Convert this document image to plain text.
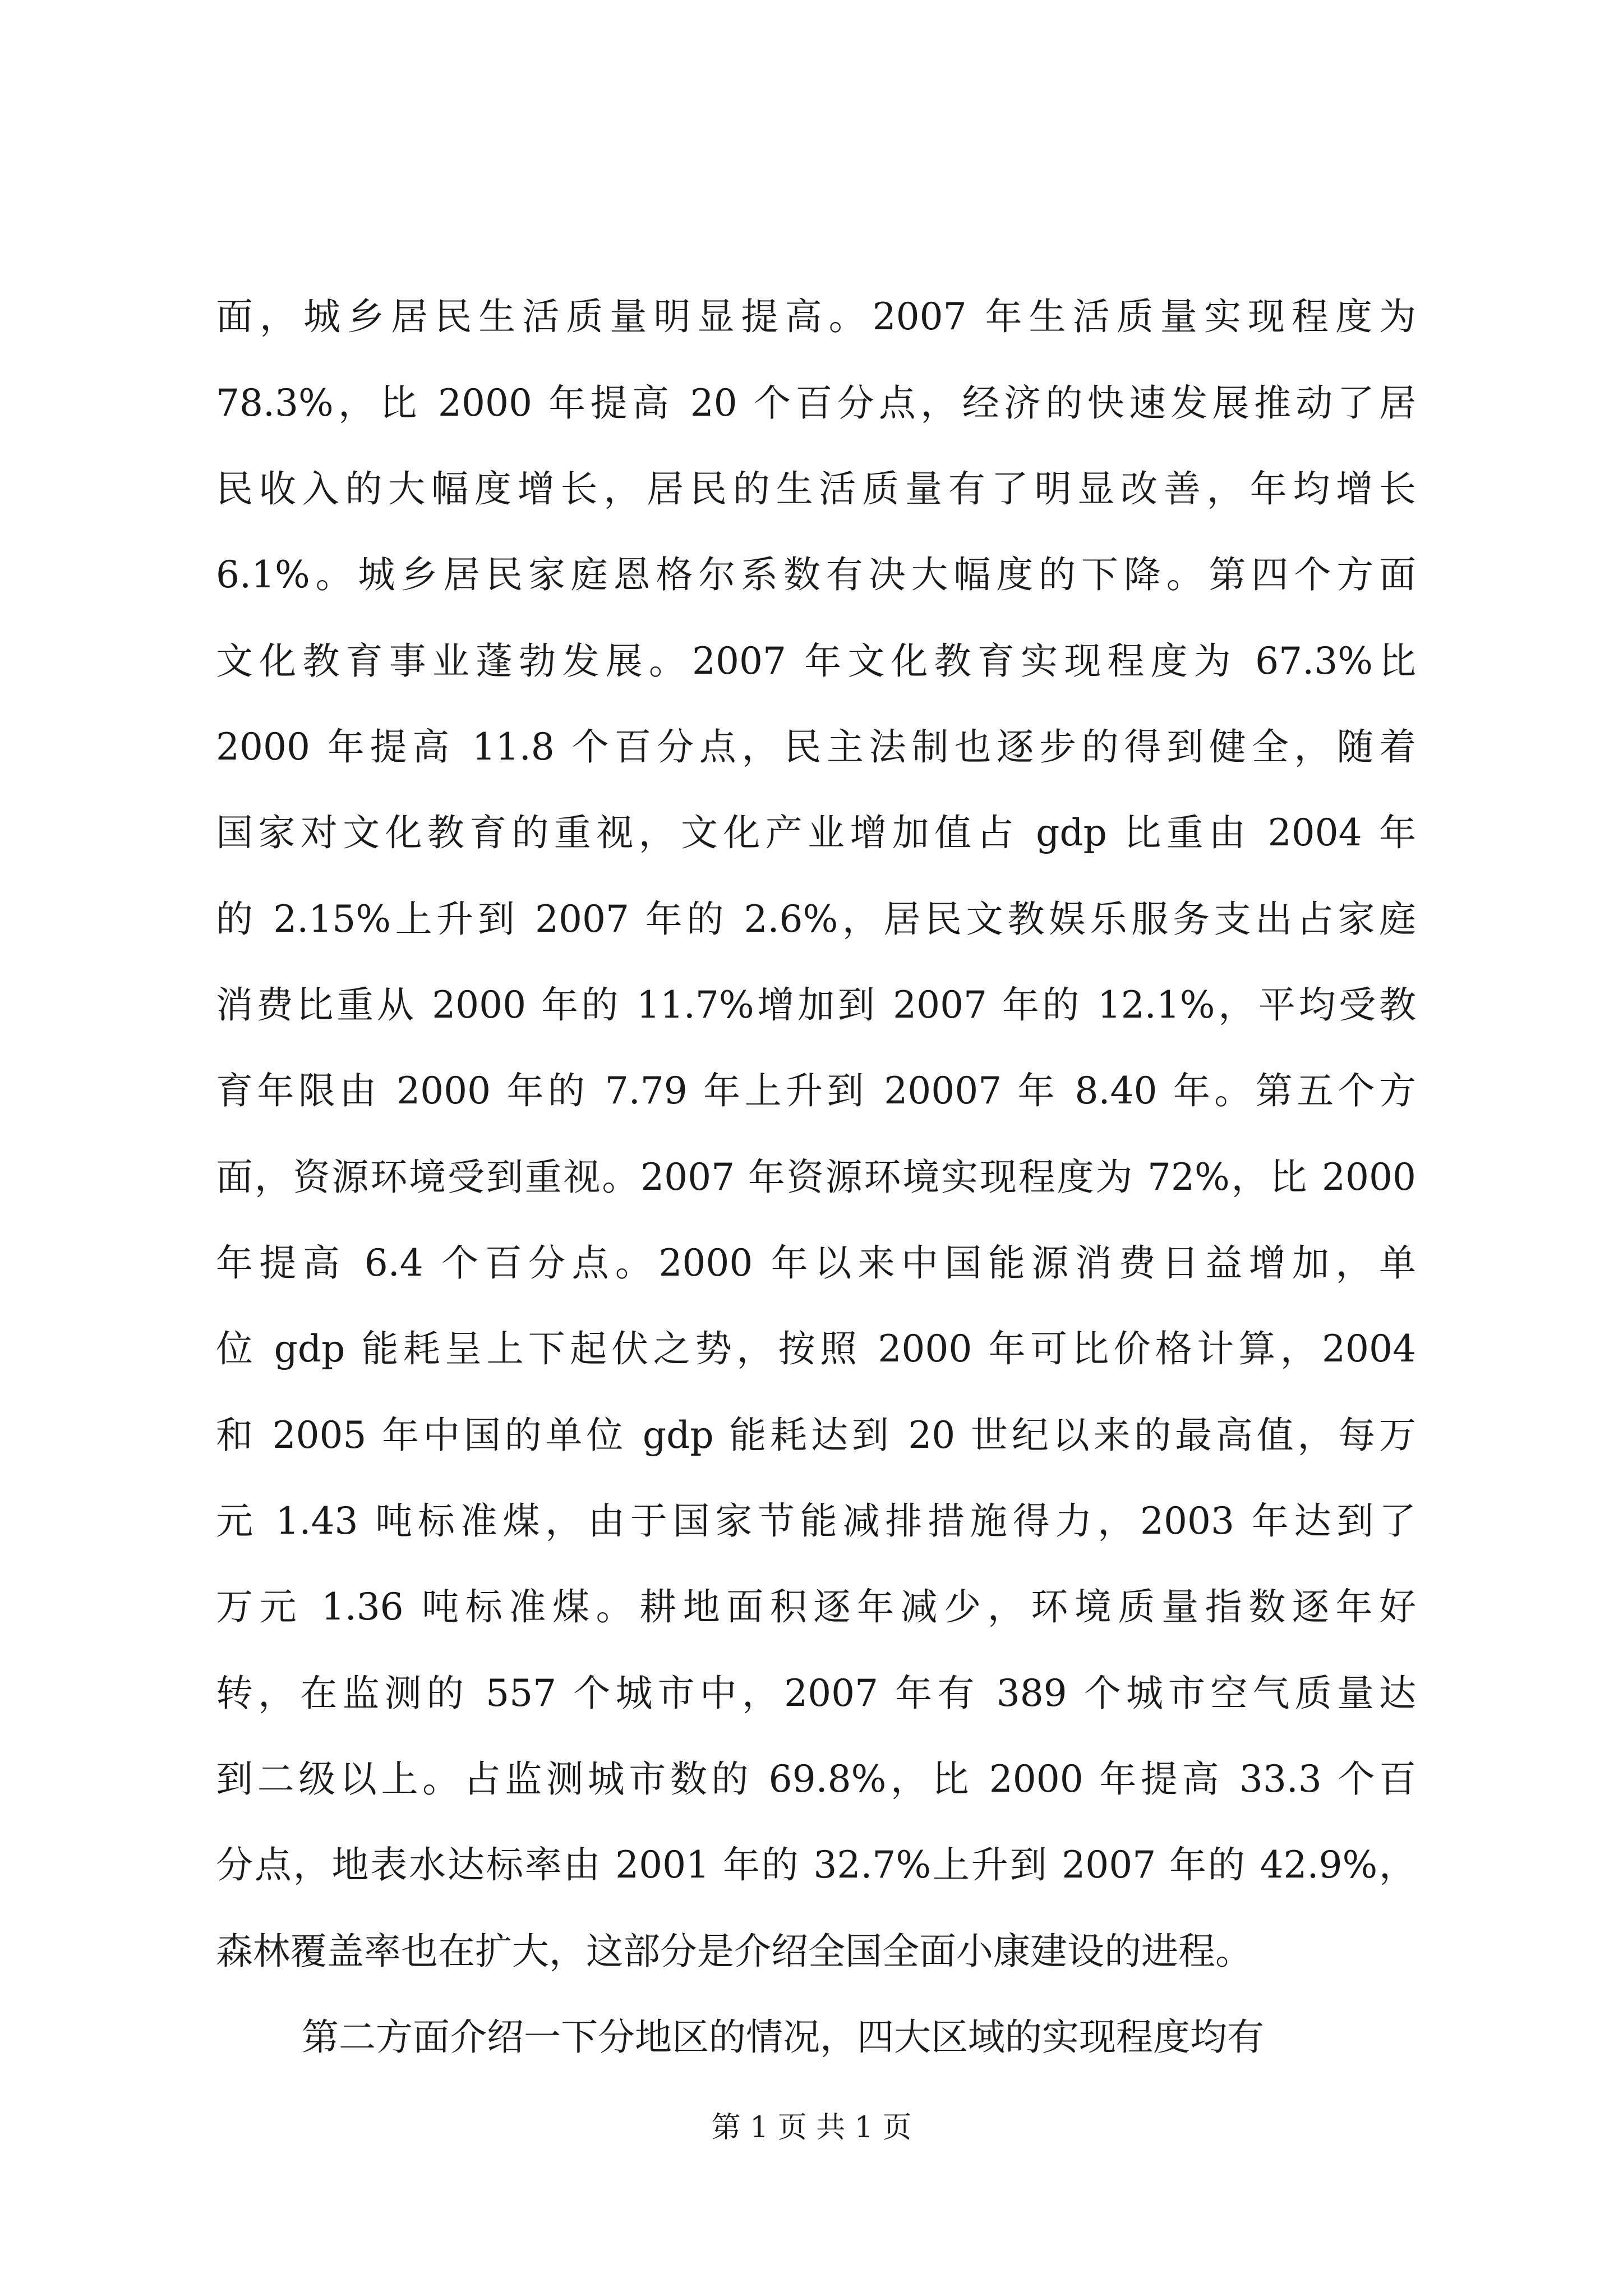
面，城乡居民生活质量明显提高。2007 年生活质量实现程度为
78.3%，比 2000 年提高 20 个百分点，经济的快速发展推动了居
民收入的大幅度增长，居民的生活质量有了明显改善，年均增长
6.1%。城乡居民家庭恩格尔系数有决大幅度的下降。第四个方面
文化教育事业蓬勃发展。2007 年文化教育实现程度为 67.3%比
2000 年提高 11.8 个百分点，民主法制也逐步的得到健全，随着
国家对文化教育的重视，文化产业增加值占 gdp 比重由 2004 年
的 2.15%上升到 2007 年的 2.6%，居民文教娱乐服务支出占家庭
消费比重从 2000 年的 11.7%增加到 2007 年的 12.1%，平均受教
育年限由 2000 年的 7.79 年上升到 20007 年 8.40 年。第五个方
面，资源环境受到重视。2007 年资源环境实现程度为 72%，比 2000
年提高 6.4 个百分点。2000 年以来中国能源消费日益增加，单
位 gdp 能耗呈上下起伏之势，按照 2000 年可比价格计算，2004
和 2005 年中国的单位 gdp 能耗达到 20 世纪以来的最高值，每万
元 1.43 吨标准煤，由于国家节能减排措施得力，2003 年达到了
万元 1.36 吨标准煤。耕地面积逐年减少，环境质量指数逐年好
转，在监测的 557 个城市中，2007 年有 389 个城市空气质量达
到二级以上。占监测城市数的 69.8%，比 2000 年提高 33.3 个百
分点，地表水达标率由 2001 年的 32.7%上升到 2007 年的 42.9%，
森林覆盖率也在扩大，这部分是介绍全国全面小康建设的进程。
第二方面介绍一下分地区的情况，四大区域的实现程度均有
第 1 页 共 1 页
